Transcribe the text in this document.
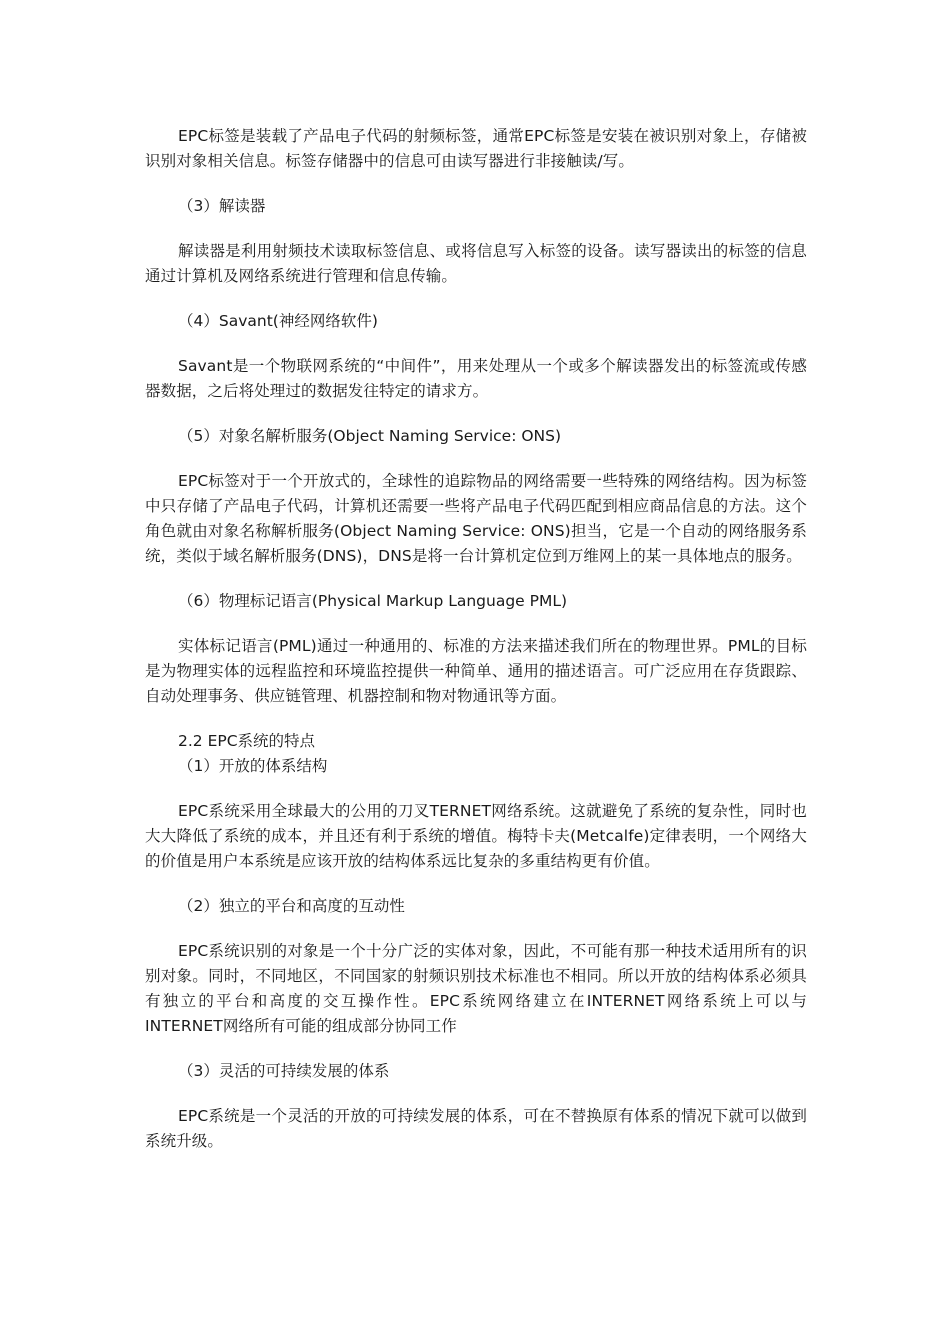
EPC标签是装载了产品电子代码的射频标签，通常EPC标签是安装在被识别对象上，存储被识别对象相关信息。标签存储器中的信息可由读写器进行非接触读/写。

（3）解读器

解读器是利用射频技术读取标签信息、或将信息写入标签的设备。读写器读出的标签的信息通过计算机及网络系统进行管理和信息传输。

（4）Savant(神经网络软件)

Savant是一个物联网系统的“中间件”，用来处理从一个或多个解读器发出的标签流或传感器数据，之后将处理过的数据发往特定的请求方。

（5）对象名解析服务(Object Naming Service: ONS)

EPC标签对于一个开放式的，全球性的追踪物品的网络需要一些特殊的网络结构。因为标签中只存储了产品电子代码，计算机还需要一些将产品电子代码匹配到相应商品信息的方法。这个角色就由对象名称解析服务(Object Naming Service: ONS)担当，它是一个自动的网络服务系统，类似于域名解析服务(DNS)，DNS是将一台计算机定位到万维网上的某一具体地点的服务。

（6）物理标记语言(Physical Markup Language PML)

实体标记语言(PML)通过一种通用的、标准的方法来描述我们所在的物理世界。PML的目标是为物理实体的远程监控和环境监控提供一种简单、通用的描述语言。可广泛应用在存货跟踪、自动处理事务、供应链管理、机器控制和物对物通讯等方面。

2.2 EPC系统的特点

（1）开放的体系结构

EPC系统采用全球最大的公用的刀叉TERNET网络系统。这就避免了系统的复杂性，同时也大大降低了系统的成本，并且还有利于系统的增值。梅特卡夫(Metcalfe)定律表明，一个网络大的价值是用户本系统是应该开放的结构体系远比复杂的多重结构更有价值。

（2）独立的平台和高度的互动性

EPC系统识别的对象是一个十分广泛的实体对象，因此，不可能有那一种技术适用所有的识别对象。同时，不同地区，不同国家的射频识别技术标准也不相同。所以开放的结构体系必须具有独立的平台和高度的交互操作性。EPC系统网络建立在INTERNET网络系统上可以与INTERNET网络所有可能的组成部分协同工作

（3）灵活的可持续发展的体系

EPC系统是一个灵活的开放的可持续发展的体系，可在不替换原有体系的情况下就可以做到系统升级。
